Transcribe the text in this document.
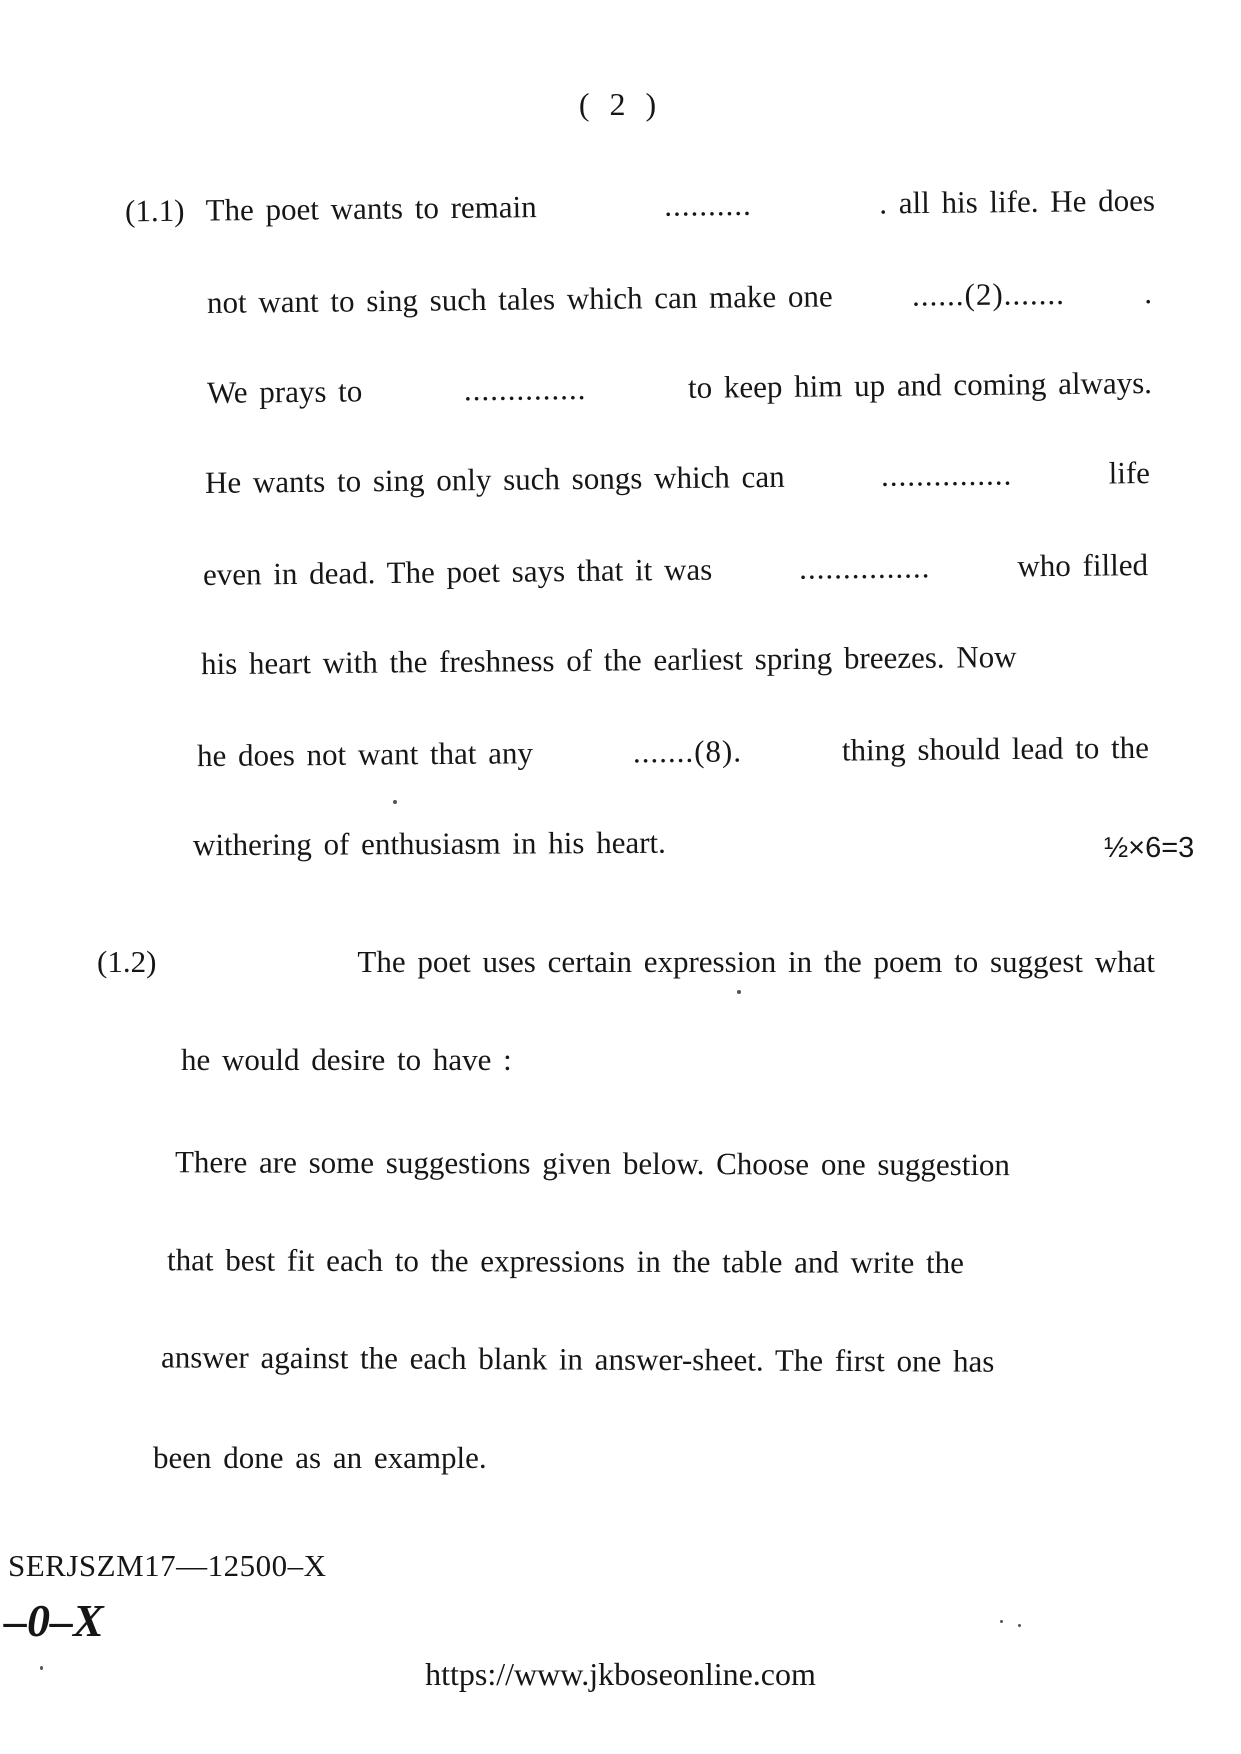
( 2 )
(1.1) The poet wants to remain	..........	. all his life. He does
not want to sing such tales which can make one	......(2).......	.
We prays to	..............	to keep him up and coming always.
He wants to sing only such songs which can	...............	life
even in dead. The poet says that it was	...............	who filled
his heart with the freshness of the earliest spring breezes. Now
he does not want that any	.......(8).	thing should lead to the
withering of enthusiasm in his heart.	½×6=3
(1.2)	The poet uses certain expression in the poem to suggest what
he would desire to have :
There are some suggestions given below. Choose one suggestion
that best fit each to the expressions in the table and write the
answer against the each blank in answer-sheet. The first one has
been done as an example.
SERJSZM17—12500–X
–0–X
https://www.jkboseonline.com
